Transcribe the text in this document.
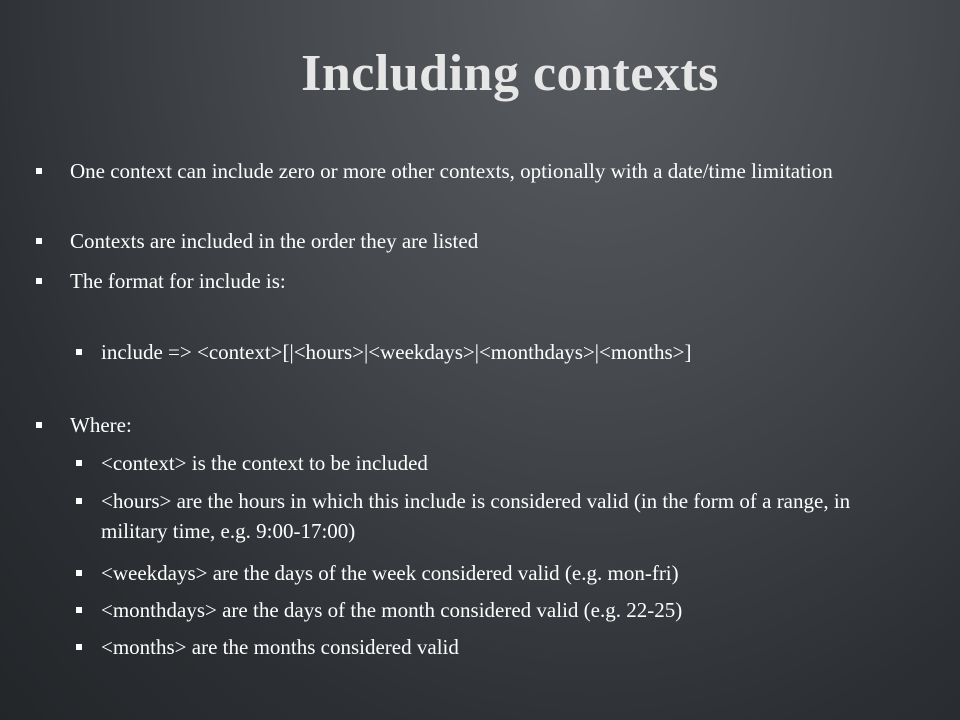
Including contexts
One context can include zero or more other contexts, optionally with a date/time limitation
Contexts are included in the order they are listed
The format for include is:
include => <context>[|<hours>|<weekdays>|<monthdays>|<months>]
Where:
<context> is the context to be included
<hours> are the hours in which this include is considered valid (in the form of a range, in military time, e.g. 9:00-17:00)
<weekdays> are the days of the week considered valid (e.g. mon-fri)
<monthdays> are the days of the month considered valid (e.g. 22-25)
<months> are the months considered valid
